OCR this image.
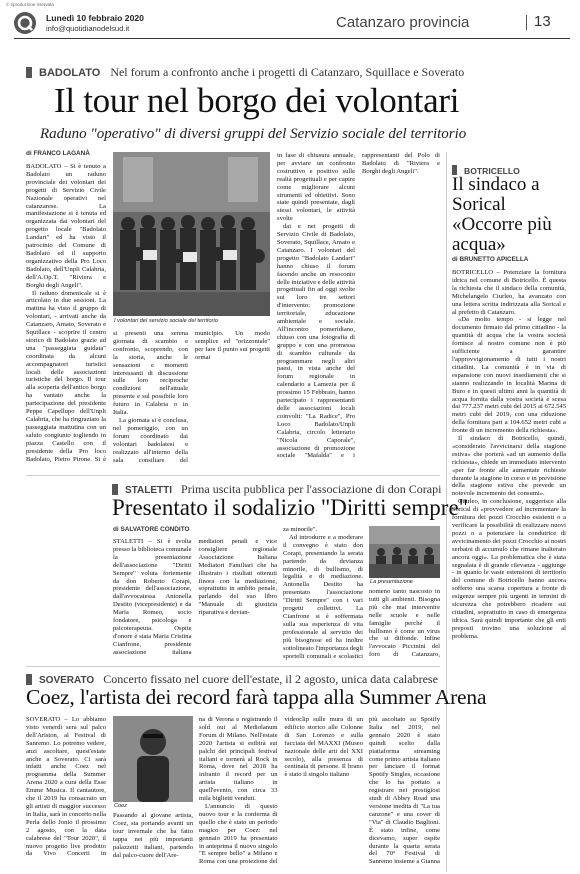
© riproduzione riservata
Lunedì 10 febbraio 2020
info@quotidianodelsud.it	Catanzaro provincia	13
BADOLATO Nel forum a confronto anche i progetti di Catanzaro, Squillace e Soverato
Il tour nel borgo dei volontari
Raduno "operativo" di diversi gruppi del Servizio sociale del territorio
di FRANCO LAGANÀ

BADOLATO – Si è tenuto a Badolato un raduno provinciale dei volontari dei progetti di Servizio Civile Nazionale operativi nel catanzarese. La manifestazione si è tenuta ed organizzata dai volontari del progetto locale "Badolato Landart" ed ha visto il patrocinio del Comune di Badolato ed il supporto organizzativo della Pro Loco Badolato, dell'Unpli Calabria, dell'A.Op.T. "Riviera e Borghi degli Angeli".

Il raduno domenicale si è articolato in due sessioni. La mattina ha visto il gruppo di volontari, - arrivati anche da Catanzaro, Amato, Soverato e Squillace - scoprire il centro storico di Badolato grazie ad una "passeggiata guidata" coordinata da alcuni accompagnatori turistici locali delle associazioni turistiche del borgo. Il tour alla scoperta dell'antico borgo ha vantato anche la partecipazione del presidente Peppe Capellupo dell'Unpli Calabria, che ha ringraziato la passeggiata mattutina con un saluto congiunto togliendo in piazza Castello con il presidente della Pro loco Badolato, Pietro Pirone. Si è

I volontari del servizio sociale del territorio

si presenti una serena giornata di scambio e confronto, scoprendo, con la storia, anche le sensazioni e momenti interessanti di discussione sulle loro reciproche condizioni nell'attuale presente e sul possibile loro futuro in Calabria o in Italia.

La giornata si è conclusa, nel pomeriggio, con un forum coordinato dai volontari badolatesi e realizzato all'interno della sala consiliare del municipio. Un modo semplice ed "orizzontale" per fare il punto sui progetti ormai

in fase di chiusura annuale, per avviare un confronto costruttivo e positivo sulle realtà progettuali e per capire come migliorare alcuni strumenti ed obiettivi. Sono state quindi presentate, dagli stessi volontari, le attività svolte

dai e nei progetti di Servizio Civile di Badolato, Soverato, Squillace, Amato e Catanzaro. I volontari del progetto "Badolato Landart" hanno chiuso il forum facendo anche un resoconto delle iniziative e delle attività progettuali fin ad oggi svolte sui loro tre settori d'intervento: promozione territoriale, educazione ambientale e sociale. All'incontro pomeridiano, chiuso con una fotografia di gruppo e con una promessa di scambio culturale da programmare negli altri paesi, in vista anche del forum regionale in calendario a Lamezia per il prossimo 15 Febbraio, hanno partecipato i rappresentanti delle associazioni locali coinvolti: "La Radice", Pro Loco Badolato/Unpli Calabria, circolo letterario "Nicola Caporale", associazione di promozione sociale "Mafalda" e i rappresentanti del Polo di Badolato di "Riviera e Borghi degli Angeli".	BOTRICELLO
Il sindaco a Sorical «Occorre più acqua»
di BRUNETTO APICELLA

BOTRICELLO – Potenziare la fornitura idrica nel comune di Botricello. È questa la richiesta che il sindaco della comunità, Michelangelo Ciurleo, ha avanzato con una lettera scritta indirizzata alla Sorical e al prefetto di Catanzaro.

«Da molto tempo - si legge nel documento firmato dal primo cittadino - la quantità di acqua che la vostra società fornisce al nostro comune non è più sufficiente a garantire l'approvvigionamento di tutti i nostri cittadini. La comunità è in via di espansione con nuovi insediamenti che si stanno realizzando in località Marina di Buro e in questi ultimi anni la quantità di acqua fornita dalla vostra società è scesa dai 777.237 metri cubi del 2015 ai 672.545 metri cubi del 2019, con una riduzione della fornitura pari a 104.652 metri cubi a fronte di un incremento della richiesta».

Il sindaco di Botricello, quindi, «considerato l'avvicinarsi della stagione estiva» che porterà «ad un aumento della richiesta», chiede un immediato intervento «per far fronte alle aumentate richieste durante la stagione in corso e in previsione della stagione estiva che prevede un notevole incremento dei consumi».

Ciurleo, in conclusione, suggerisce alla Sorical di «provvedere ad incrementare la fornitura dei pozzi Crocchio esistenti o a verificare la possibilità di realizzare nuovi pozzi o a potenziare la condutrice di avvicinamento dei pozzi Crocchio ai nostri serbatoi di accumulo che rimane inalterato ancora oggi». La problematica che è stata segnalata è di grande rilevanza - aggiunge - in quanto le vaste estensioni di territorio del comune di Botricello hanno ancora sofferto una scarsa copertura a fronte di esigenze sempre più urgenti in termini di sicurezza che potrebbero ricadere sui cittadini, soprattutto in caso di emergenza idrica. Sarà quindi importante che gli enti preposti trovino una soluzione al problema.

STALETTI Prima uscita pubblica per l'associazione di don Corapi
Presentato il sodalizio "Diritti sempre"
di SALVATORE CONDITO

STALETTI – Si è svolta presso la biblioteca comunale la presentazione dell'associazione "Diritti Sempre" voluta fortemente da don Roberto Corapi, presidente dell'associazione, dall'avvocatessa Antonella Destito (vicepresidente) e da Maria Romeo, socio fondatore, psicologa e psicoterapeuta. Ospite d'onore è stata Maria Cristina Cianfrone, presidente associazione italiana mediatori penali e vice consigliere regionale Associazione Italiana Mediatori Familiari che ha illustrato i risultati ottenuti finora con la mediazione, soprattutto in ambito penale, parlando del suo libro "Manuale di giustizia riparativa e devian-

za minorile".

Ad introdurre e a moderare il convegno è stato don Corapi, presentando la serata partendo da devianza minorile, di bullismo, di legalità e di mediazione. Antonella Destito ha presentato l'associazione "Diritti Sempre" con i vari progetti collettivi. La Cianfrone si è soffermata sulla sua esperienza di vita professionale al servizio dei più bisognose ed ha inoltre sottolineato l'importanza degli sportelli comunali e scolastici

La presentazione

nomeno tanto nascosto in tutti gli ambienti. Bisogna più che mai intervenire nelle scuole e nelle famiglie perché il bullismo è come un virus che si diffonde. Infine l'avvocato Piccinini del foro di Catanzaro,

SOVERATO Concerto fissato nel cuore dell'estate, il 2 agosto, unica data calabrese
Coez, l'artista dei record farà tappa alla Summer Arena

SOVERATO – Lo abbiamo visto venerdì sera sul palco dell'Ariston, al Festival di Sanremo. Lo potremo vedere, anzi ascoltare, quest'estate anche a Soverato. Ci sarà infatti anche Coez nel programma della Summer Arena 2020 a cura della Esse Emme Musica. Il cantautore, che il 2019 ha consacrato un gli artisti di maggior successo in Italia, sarà in concerto nella Perla dello Jonio il prossimo 2 agosto, con la data calabrese del "Tour 2020", il nuovo progetto live prodotto da Vivo Concerti in

Coez

Passando al giovane artista, Coez, sta portando avanti un tour invernale che ha fatto tappa nei più importanti palazzetti italiani, partendo dal palco-cuore dell'Are-

na di Verona e registrando il sold out al Mediolanum Forum di Milano. Nell'estate 2020 l'artista si esibirà sui palchi dei principali festival italiani e tornerà al Rock in Roma, dove nel 2018 ha infranto il record per un artista italiano in quell'evento, con circa 33 mila biglietti venduti.

L'annuncio di questo nuovo tour e la conferma di quello che è stato un periodo magico per Coez: nel gennaio 2019 ha presentato in anteprima il nuovo singolo "E sempre bello" a Milano e Roma con una proiezione del videoclip sulle mura di un edificio storico alle Colonne di San Lorenzo e sulla facciata del MAXXI (Museo nazionale delle arti del XXI secolo), alla presenza di centinaia di persone. Il brano è stato il singolo italiano

più ascoltato su Spotify Italia nel 2019, nel gennaio 2020 è stato quindi scelto dalla piattaforma streaming come primo artista italiano per lanciare il format Spotify Singles, occasione che lo ha portato a registrare nei prestigiosi studi di Abbey Road una versione inedita di "La tua canzone" e una cover di "Via" di Claudio Baglioni. È stato infine, come dicevamo, super ospite durante la quarta serata del 70° Festival di Sanremo insieme a Gianna
